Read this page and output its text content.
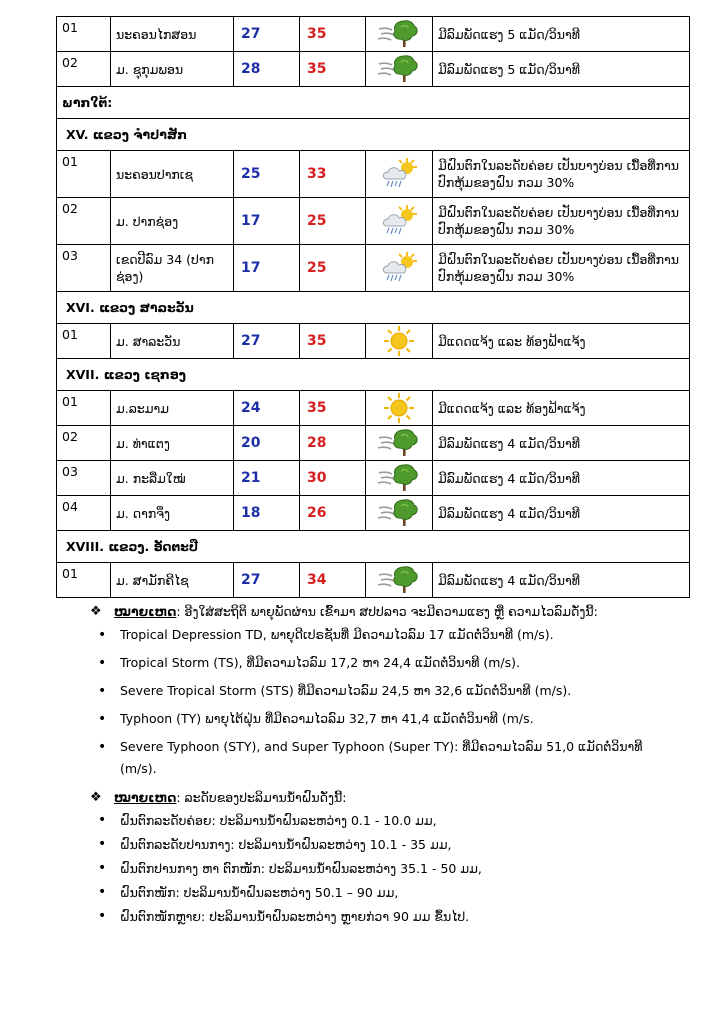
01	ນະຄອນໄກສອນ	27	35		ມີລົມພັດແຮງ 5 ແມັດ/ວິນາທີ
02	ມ. ຊຸກຸມພອນ	28	35		ມີລົມພັດແຮງ 5 ແມັດ/ວິນາທີ
ພາກໃຕ້:					
XV. ແຂວງ ຈໍາປາສັກ					
01	ນະຄອນປາກເຊ	25	33		ມີຝົນຕົກໃນລະດັບຄ່ອຍ ເປັນບາງບ່ອນ ເນື້ອທີ່ການປົກຫຸ້ມຂອງຝົນ ກວມ 30%
02	ມ. ປາກຊ່ອງ	17	25		ມີຝົນຕົກໃນລະດັບຄ່ອຍ ເປັນບາງບ່ອນ ເນື້ອທີ່ການປົກຫຸ້ມຂອງຝົນ ກວມ 30%
03	ເຂດປີລົມ 34 (ປາກຊ່ອງ)	17	25		ມີຝົນຕົກໃນລະດັບຄ່ອຍ ເປັນບາງບ່ອນ ເນື້ອທີ່ການປົກຫຸ້ມຂອງຝົນ ກວມ 30%
XVI. ແຂວງ ສາລະວັນ					
01	ມ. ສາລະວັນ	27	35		ມີແດດແຈ້ງ ແລະ ທ້ອງຟ້າແຈ້ງ
XVII. ແຂວງ ເຊກອງ					
01	ມ.ລະມາມ	24	35		ມີແດດແຈ້ງ ແລະ ທ້ອງຟ້າແຈ້ງ
02	ມ. ທ່າແຕງ	20	28		ມີລົມພັດແຮງ 4 ແມັດ/ວິນາທີ
03	ມ. ກະລືມໃໝ່	21	30		ມີລົມພັດແຮງ 4 ແມັດ/ວິນາທີ
04	ມ. ດາກຈຶງ	18	26		ມີລົມພັດແຮງ 4 ແມັດ/ວິນາທີ
XVIII. ແຂວງ. ອັດຕະປື					
01	ມ. ສາມັກຄີໄຊ	27	34		ມີລົມພັດແຮງ 4 ແມັດ/ວິນາທີ
❖ ໝາຍເຫດ: ອີງໃສ່ສະຖິຕິ ພາຍຸພັດຜ່ານ ເຂົ້າມາ ສປປລາວ ຈະມີຄວາມແຮງ ຫຼື ຄວາມໄວລົມດັ່ງນີ້:
• Tropical Depression TD, ພາຍຸດີເປຣຊັນທີ່ ມີຄວາມໄວລົມ 17 ແມັດຕໍ່ວິນາທີ (m/s).
• Tropical Storm (TS), ທີ່ມີຄວາມໄວລົມ 17,2 ຫາ 24,4 ແມັດຕໍ່ວິນາທີ (m/s).
• Severe Tropical Storm (STS) ທີ່ມີຄວາມໄວລົມ 24,5 ຫາ 32,6 ແມັດຕໍ່ວິນາທີ (m/s).
• Typhoon (TY) ພາຍຸໄຕ້ຝຸ່ນ ທີ່ມີຄວາມໄວລົມ 32,7 ຫາ 41,4 ແມັດຕໍ່ວິນາທີ (m/s.
• Severe Typhoon (STY), and Super Typhoon (Super TY): ທີ່ມີຄວາມໄວລົມ 51,0 ແມັດຕໍ່ວິນາທີ (m/s).
❖ ໝາຍເຫດ: ລະດັບຂອງປະລິມານນໍ້າຝົນດັ່ງນີ້:
• ຝົນຕົກລະດັບຄ່ອຍ: ປະລິມານນໍ້າຝົນລະຫວ່າງ 0.1 - 10.0 ມມ,
• ຝົນຕົກລະດັບປານກາງ: ປະລິມານນໍ້າຝົນລະຫວ່າງ 10.1 - 35 ມມ,
• ຝົນຕົກປານກາງ ຫາ ຕົກໜັກ: ປະລິມານນໍ້າຝົນລະຫວ່າງ 35.1 - 50 ມມ,
• ຝົນຕົກໜັກ: ປະລິມານນໍ້າຝົນລະຫວ່າງ 50.1 – 90 ມມ,
• ຝົນຕົກໜັກຫຼາຍ: ປະລິມານນໍ້າຝົນລະຫວ່າງ ຫຼາຍກ່ວາ 90 ມມ ຂຶ້ນໄປ.
